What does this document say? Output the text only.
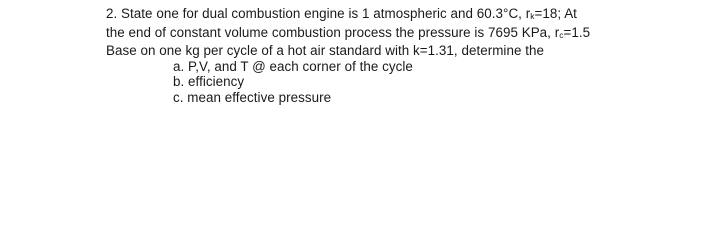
2. State one for dual combustion engine is 1 atmospheric and 60.3°C, rk=18; At
the end of constant volume combustion process the pressure is 7695 KPa, rc=1.5
Base on one kg per cycle of a hot air standard with k=1.31, determine the
a. P,V, and T @ each corner of the cycle
b. efficiency
c. mean effective pressure
